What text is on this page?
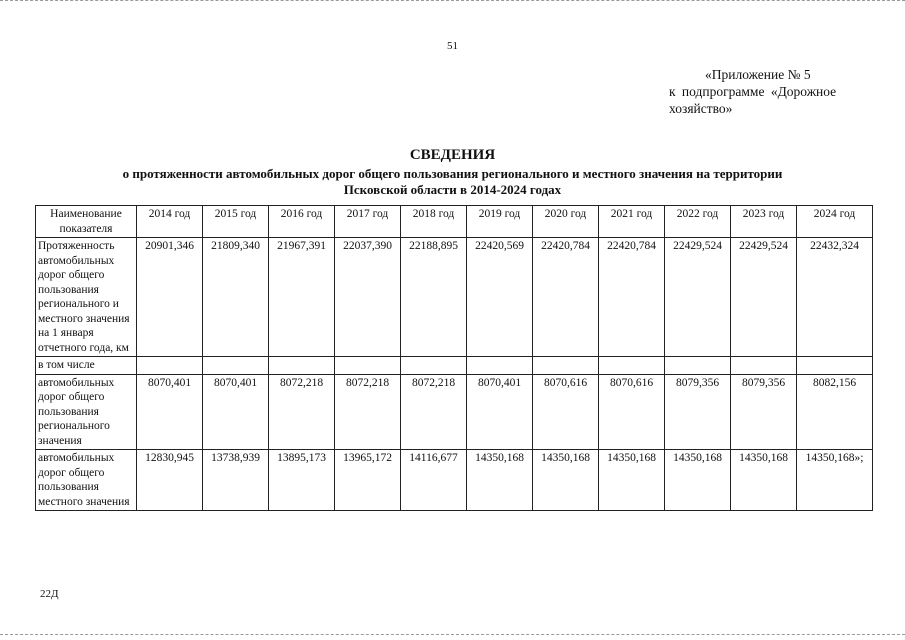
51
«Приложение № 5
к подпрограмме «Дорожное
хозяйство»
СВЕДЕНИЯ
о протяженности автомобильных дорог общего пользования регионального и местного значения на территории
Псковской области в 2014-2024 годах
Наименование показателя	2014 год	2015 год	2016 год	2017 год	2018 год	2019 год	2020 год	2021 год	2022 год	2023 год	2024 год
Протяженность автомобильных дорог общего пользования регионального и местного значения на 1 января отчетного года, км	20901,346	21809,340	21967,391	22037,390	22188,895	22420,569	22420,784	22420,784	22429,524	22429,524	22432,324
в том числе											
автомобильных дорог общего пользования регионального значения	8070,401	8070,401	8072,218	8072,218	8072,218	8070,401	8070,616	8070,616	8079,356	8079,356	8082,156
автомобильных дорог общего пользования местного значения	12830,945	13738,939	13895,173	13965,172	14116,677	14350,168	14350,168	14350,168	14350,168	14350,168	14350,168»;
22Д
